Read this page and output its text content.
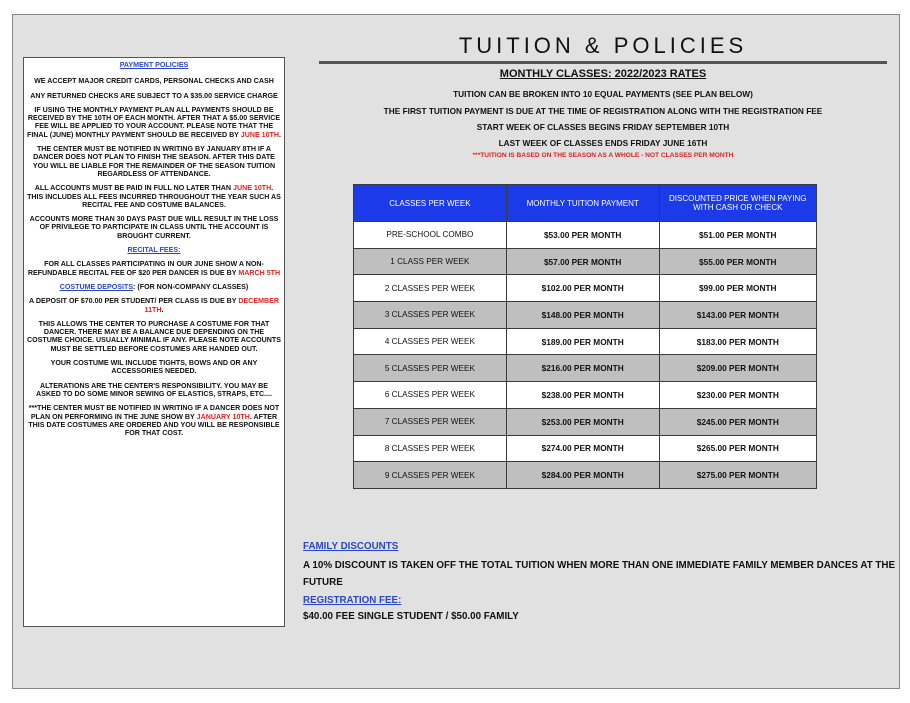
PAYMENT POLICIES

WE ACCEPT MAJOR CREDIT CARDS, PERSONAL CHECKS AND CASH

ANY RETURNED CHECKS ARE SUBJECT TO A $35.00 SERVICE CHARGE

IF USING THE MONTHLY PAYMENT PLAN ALL PAYMENTS SHOULD BE RECEIVED BY THE 10TH OF EACH MONTH. AFTER THAT A $5.00 SERVICE FEE WILL BE APPLIED TO YOUR ACCOUNT. PLEASE NOTE THAT THE FINAL (JUNE) MONTHLY PAYMENT SHOULD BE RECEIVED BY JUNE 10TH.

THE CENTER MUST BE NOTIFIED IN WRITING BY JANUARY 8TH IF A DANCER DOES NOT PLAN TO FINISH THE SEASON. AFTER THIS DATE YOU WILL BE LIABLE FOR THE REMAINDER OF THE SEASON TUITION REGARDLESS OF ATTENDANCE.

ALL ACCOUNTS MUST BE PAID IN FULL NO LATER THAN JUNE 10TH. THIS INCLUDES ALL FEES INCURRED THROUGHOUT THE YEAR SUCH AS RECITAL FEE AND COSTUME BALANCES.

ACCOUNTS MORE THAN 30 DAYS PAST DUE WILL RESULT IN THE LOSS OF PRIVILEGE TO PARTICIPATE IN CLASS UNTIL THE ACCOUNT IS BROUGHT CURRENT.

RECITAL FEES:

FOR ALL CLASSES PARTICIPATING IN OUR JUNE SHOW A NON-REFUNDABLE RECITAL FEE OF $20 PER DANCER IS DUE BY MARCH 5TH

COSTUME DEPOSITS: (FOR NON-COMPANY CLASSES)

A DEPOSIT OF $70.00 PER STUDENT/ PER CLASS IS DUE BY DECEMBER 11TH.

THIS ALLOWS THE CENTER TO PURCHASE A COSTUME FOR THAT DANCER. THERE MAY BE A BALANCE DUE DEPENDING ON THE COSTUME CHOICE. USUALLY MINIMAL IF ANY. PLEASE NOTE ACCOUNTS MUST BE SETTLED BEFORE COSTUMES ARE HANDED OUT.

YOUR COSTUME WIL INCLUDE TIGHTS, BOWS AND OR ANY ACCESSORIES NEEDED.

ALTERATIONS ARE THE CENTER'S RESPONSIBILITY. YOU MAY BE ASKED TO DO SOME MINOR SEWING OF ELASTICS, STRAPS, ETC....

***THE CENTER MUST BE NOTIFIED IN WRITING IF A DANCER DOES NOT PLAN ON PERFORMING IN THE JUNE SHOW BY JANUARY 10TH. AFTER THIS DATE COSTUMES ARE ORDERED AND YOU WILL BE RESPONSIBLE FOR THAT COST.

TUITION & POLICIES
MONTHLY CLASSES: 2022/2023 RATES
TUITION CAN BE BROKEN INTO 10 EQUAL PAYMENTS (SEE PLAN BELOW)
THE FIRST TUITION PAYMENT IS DUE AT THE TIME OF REGISTRATION ALONG WITH THE REGISTRATION FEE
START WEEK OF CLASSES BEGINS FRIDAY SEPTEMBER 10TH
LAST WEEK OF CLASSES ENDS FRIDAY JUNE 16TH
***TUITION IS BASED ON THE SEASON AS A WHOLE - NOT CLASSES PER MONTH
CLASSES PER WEEK	MONTHLY TUITION PAYMENT	DISCOUNTED PRICE WHEN PAYING WITH CASH OR CHECK
PRE-SCHOOL COMBO	$53.00 PER MONTH	$51.00 PER MONTH
1 CLASS PER WEEK	$57.00 PER MONTH	$55.00 PER MONTH
2 CLASSES PER WEEK	$102.00 PER MONTH	$99.00 PER MONTH
3 CLASSES PER WEEK	$148.00 PER MONTH	$143.00 PER MONTH
4 CLASSES PER WEEK	$189.00 PER MONTH	$183.00 PER MONTH
5 CLASSES PER WEEK	$216.00 PER MONTH	$209.00 PER MONTH
6 CLASSES PER WEEK	$238.00 PER MONTH	$230.00 PER MONTH
7 CLASSES PER WEEK	$253.00 PER MONTH	$245.00 PER MONTH
8 CLASSES PER WEEK	$274.00 PER MONTH	$265.00 PER MONTH
9 CLASSES PER WEEK	$284.00 PER MONTH	$275.00 PER MONTH
FAMILY DISCOUNTS
A 10% DISCOUNT IS TAKEN OFF THE TOTAL TUITION WHEN MORE THAN ONE IMMEDIATE FAMILY MEMBER DANCES AT THE FUTURE
REGISTRATION FEE:
$40.00 FEE SINGLE STUDENT / $50.00 FAMILY
